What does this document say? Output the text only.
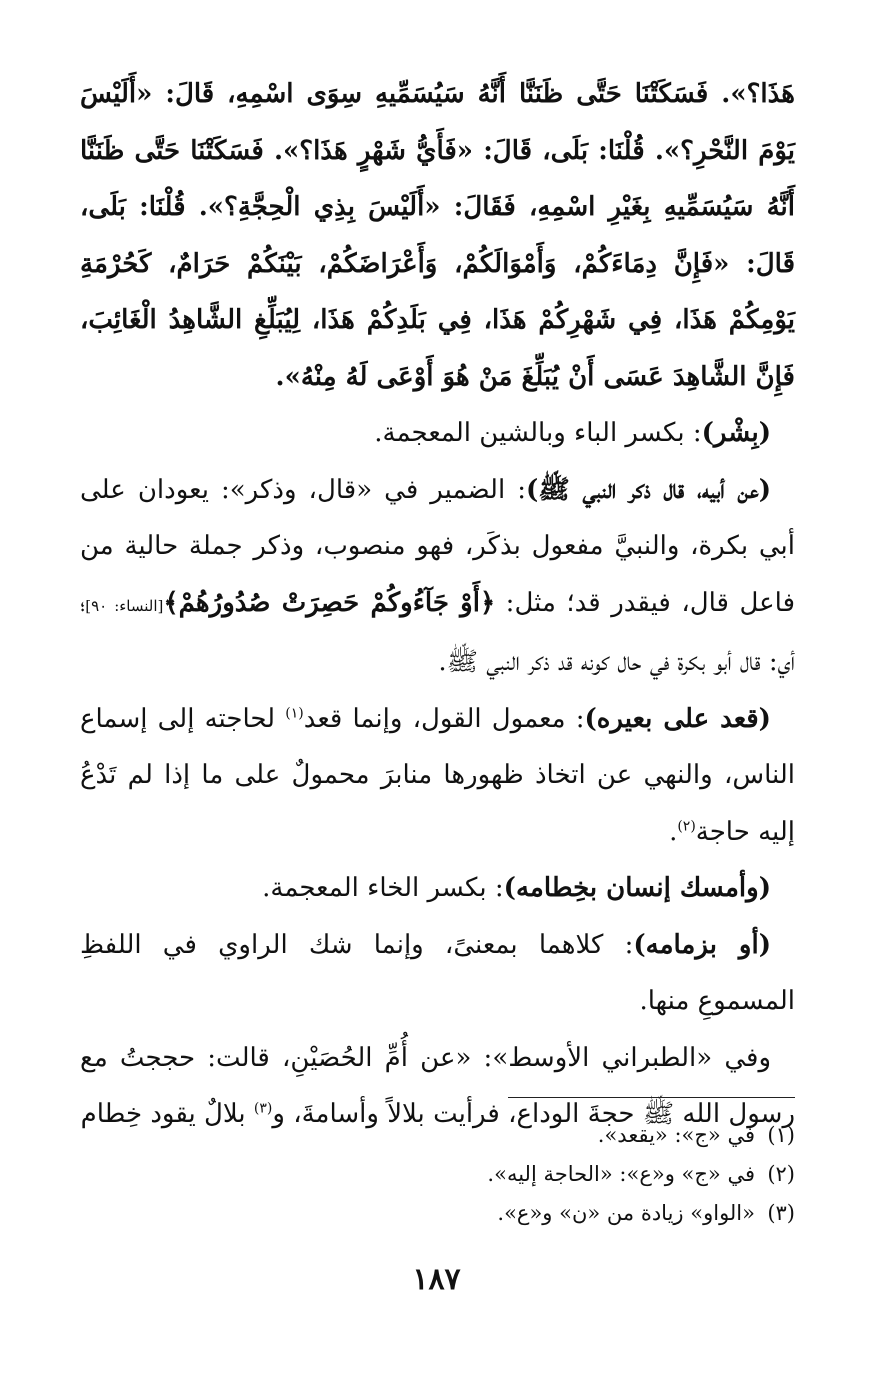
هَذَا؟». فَسَكَتْنَا حَتَّى ظَنَنَّا أَنَّهُ سَيُسَمِّيهِ سِوَى اسْمِهِ، قَالَ: «أَلَيْسَ يَوْمَ النَّحْرِ؟». قُلْنَا: بَلَى، قَالَ: «فَأَيُّ شَهْرٍ هَذَا؟». فَسَكَتْنَا حَتَّى ظَنَنَّا أَنَّهُ سَيُسَمِّيهِ بِغَيْرِ اسْمِهِ، فَقَالَ: «أَلَيْسَ بِذِي الْحِجَّةِ؟». قُلْنَا: بَلَى، قَالَ: «فَإِنَّ دِمَاءَكُمْ، وَأَمْوَالَكُمْ، وَأَعْرَاضَكُمْ، بَيْنَكُمْ حَرَامٌ، كَحُرْمَةِ يَوْمِكُمْ هَذَا، فِي شَهْرِكُمْ هَذَا، فِي بَلَدِكُمْ هَذَا، لِيُبَلِّغِ الشَّاهِدُ الْغَائِبَ، فَإِنَّ الشَّاهِدَ عَسَى أَنْ يُبَلِّغَ مَنْ هُوَ أَوْعَى لَهُ مِنْهُ».

(بِشْر): بكسر الباء وبالشين المعجمة.

(عن أبيه، قال ذكر النبي ﷺ): الضمير في «قال، وذكر»: يعودان على أبي بكرة، والنبيَّ مفعول بذكَر، فهو منصوب، وذكر جملة حالية من فاعل قال، فيقدر قد؛ مثل: ﴿أَوْ جَآءُوكُمْ حَصِرَتْ صُدُورُهُمْ﴾[النساء: ٩٠]؛ أي: قال أبو بكرة في حال كونه قد ذكر النبي ﷺ.

(قعد على بعيره): معمول القول، وإنما قعد$^{(١)}$ لحاجته إلى إسماع الناس، والنهي عن اتخاذ ظهورها منابرَ محمولٌ على ما إذا لم تَدْعُ إليه حاجة$^{(٢)}$.

(وأمسك إنسان بخِطامه): بكسر الخاء المعجمة.

(أو بزمامه): كلاهما بمعنىً، وإنما شك الراوي في اللفظِ المسموعِ منها.

وفي «الطبراني الأوسط»: «عن أُمِّ الحُصَيْنِ، قالت: حججتُ مع رسول الله ﷺ حجةَ الوداع، فرأيت بلالاً وأسامةَ، و$^{(٣)}$ بلالٌ يقود خِطام

(١)في «ج»: «يقعد».

(٢)في «ج» و«ع»: «الحاجة إليه».

(٣)«الواو» زيادة من «ن» و«ع».

١٨٧
